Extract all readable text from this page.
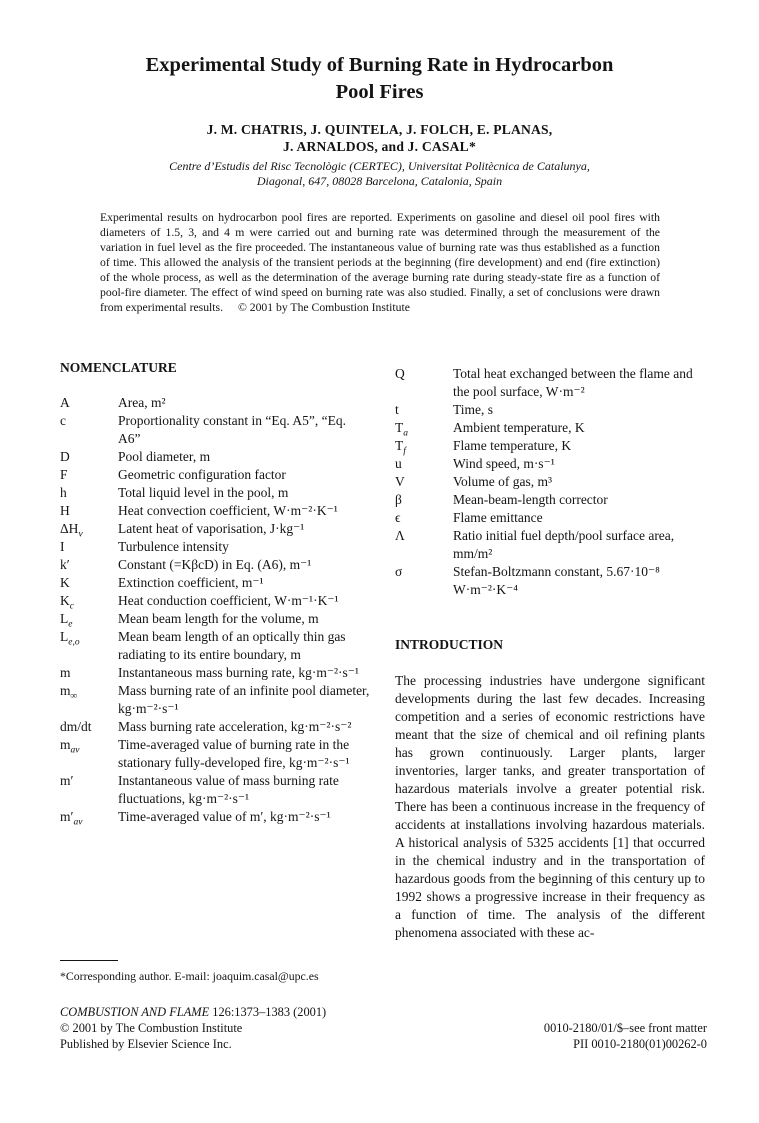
Experimental Study of Burning Rate in Hydrocarbon
Pool Fires
J. M. CHATRIS, J. QUINTELA, J. FOLCH, E. PLANAS,
J. ARNALDOS, and J. CASAL*
Centre d’Estudis del Risc Tecnològic (CERTEC), Universitat Politècnica de Catalunya,
Diagonal, 647, 08028 Barcelona, Catalonia, Spain
Experimental results on hydrocarbon pool fires are reported. Experiments on gasoline and diesel oil pool fires with diameters of 1.5, 3, and 4 m were carried out and burning rate was determined through the measurement of the variation in fuel level as the fire proceeded. The instantaneous value of burning rate was thus established as a function of time. This allowed the analysis of the transient periods at the beginning (fire development) and end (fire extinction) of the whole process, as well as the determination of the average burning rate during steady-state fire as a function of pool-fire diameter. The effect of wind speed on burning rate was also studied. Finally, a set of conclusions were drawn from experimental results. © 2001 by The Combustion Institute
NOMENCLATURE
A	Area, m²
c	Proportionality constant in “Eq. A5”, “Eq. A6”
D	Pool diameter, m
F	Geometric configuration factor
h	Total liquid level in the pool, m
H	Heat convection coefficient, W·m⁻²·K⁻¹
$\Delta H_v$	Latent heat of vaporisation, J·kg⁻¹
I	Turbulence intensity
k′	Constant (=KβcD) in Eq. (A6), m⁻¹
K	Extinction coefficient, m⁻¹
$K_c$	Heat conduction coefficient, W·m⁻¹·K⁻¹
$L_e$	Mean beam length for the volume, m
$L_{e,o}$	Mean beam length of an optically thin gas radiating to its entire boundary, m
m	Instantaneous mass burning rate, kg·m⁻²·s⁻¹
$m_\infty$	Mass burning rate of an infinite pool diameter, kg·m⁻²·s⁻¹
dm/dt	Mass burning rate acceleration, kg·m⁻²·s⁻²
$m_{av}$	Time-averaged value of burning rate in the stationary fully-developed fire, kg·m⁻²·s⁻¹
m′	Instantaneous value of mass burning rate fluctuations, kg·m⁻²·s⁻¹
$m'_{av}$	Time-averaged value of m′, kg·m⁻²·s⁻¹
Q	Total heat exchanged between the flame and the pool surface, W·m⁻²
t	Time, s
$T_a$	Ambient temperature, K
$T_f$	Flame temperature, K
u	Wind speed, m·s⁻¹
V	Volume of gas, m³
β	Mean-beam-length corrector
ϵ	Flame emittance
Λ	Ratio initial fuel depth/pool surface area, mm/m²
σ	Stefan-Boltzmann constant, 5.67·10⁻⁸ W·m⁻²·K⁻⁴
INTRODUCTION
The processing industries have undergone significant developments during the last few decades. Increasing competition and a series of economic restrictions have meant that the size of chemical and oil refining plants has grown continuously. Larger plants, larger inventories, larger tanks, and greater transportation of hazardous materials involve a greater potential risk. There has been a continuous increase in the frequency of accidents at installations involving hazardous materials. A historical analysis of 5325 accidents [1] that occurred in the chemical industry and in the transportation of hazardous goods from the beginning of this century up to 1992 shows a progressive increase in their frequency as a function of time. The analysis of the different phenomena associated with these ac-
*Corresponding author. E-mail: joaquim.casal@upc.es
COMBUSTION AND FLAME 126:1373–1383 (2001)
© 2001 by The Combustion Institute
Published by Elsevier Science Inc.
0010-2180/01/$–see front matter
PII 0010-2180(01)00262-0
